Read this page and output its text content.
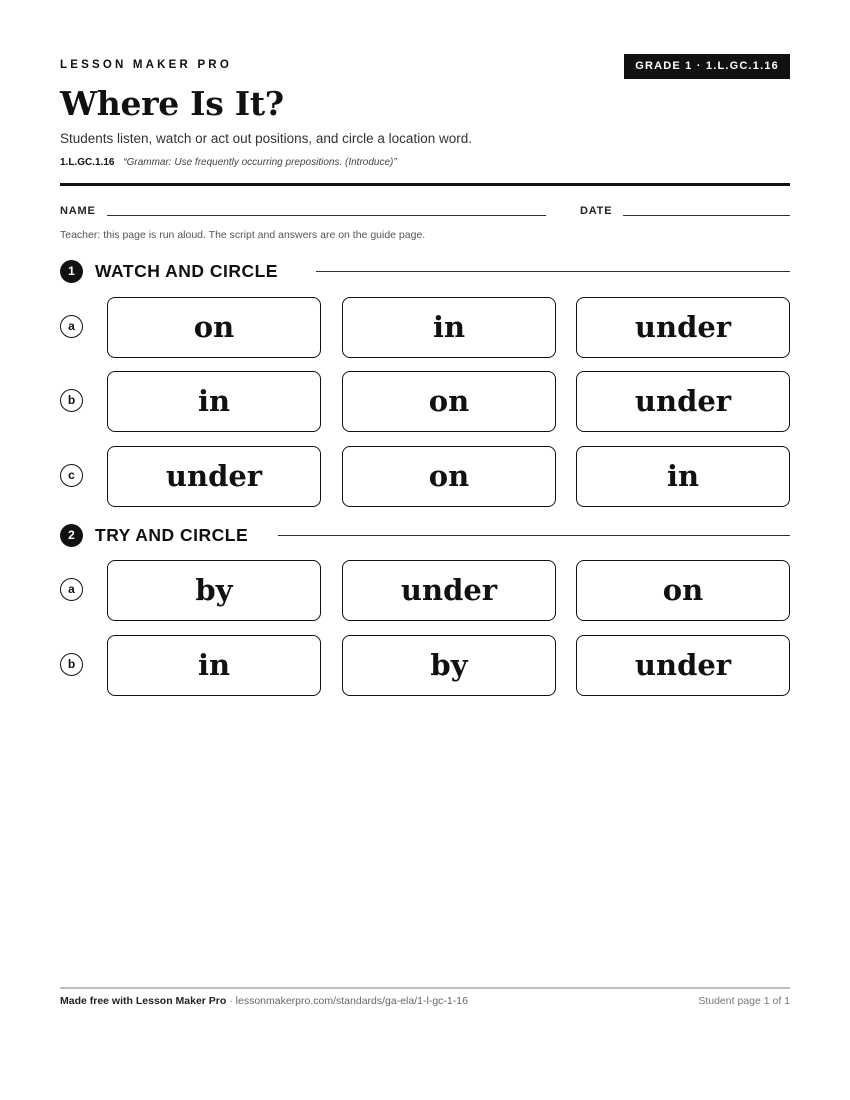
LESSON MAKER PRO	GRADE 1 · 1.L.GC.1.16
Where Is It?
Students listen, watch or act out positions, and circle a location word.
1.L.GC.1.16 “Grammar: Use frequently occurring prepositions. (Introduce)”
NAME	DATE
Teacher: this page is run aloud. The script and answers are on the guide page.
1	WATCH AND CIRCLE
a	on	in	under
b	in	on	under
c	under	on	in
2	TRY AND CIRCLE
a	by	under	on
b	in	by	under
Made free with Lesson Maker Pro · lessonmakerpro.com/standards/ga-ela/1-l-gc-1-16	Student page 1 of 1
